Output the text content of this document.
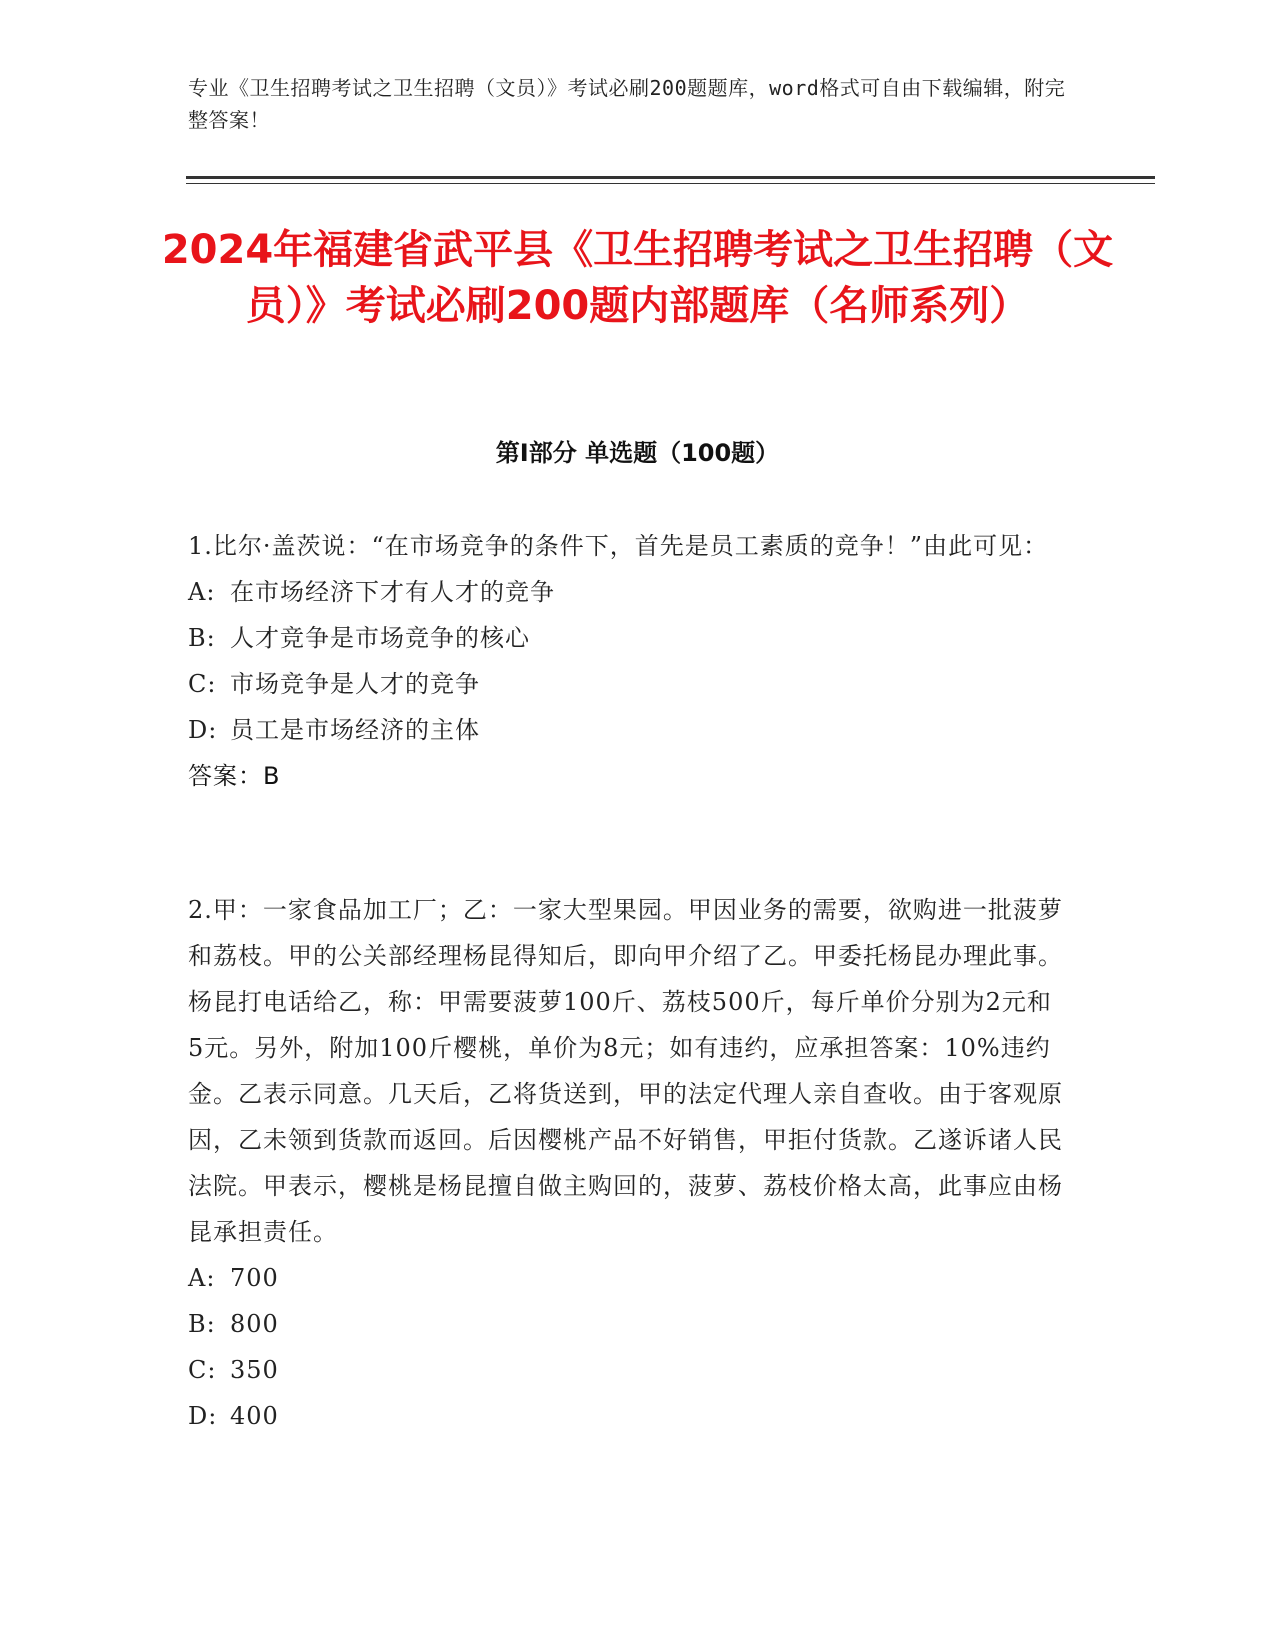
专业《卫生招聘考试之卫生招聘（文员）》考试必刷200题题库，word格式可自由下载编辑，附完整答案！
2024年福建省武平县《卫生招聘考试之卫生招聘（文员）》考试必刷200题内部题库（名师系列）
第Ⅰ部分 单选题（100题）

1.比尔·盖茨说：“在市场竞争的条件下，首先是员工素质的竞争！”由此可见：

A: 在市场经济下才有人才的竞争
B: 人才竞争是市场竞争的核心
C: 市场竞争是人才的竞争
D: 员工是市场经济的主体
答案：B

2.甲：一家食品加工厂；乙：一家大型果园。甲因业务的需要，欲购进一批菠萝和荔枝。甲的公关部经理杨昆得知后，即向甲介绍了乙。甲委托杨昆办理此事。杨昆打电话给乙，称：甲需要菠萝100斤、荔枝500斤，每斤单价分别为2元和5元。另外，附加100斤樱桃，单价为8元；如有违约，应承担答案：10%违约金。乙表示同意。几天后，乙将货送到，甲的法定代理人亲自查收。由于客观原因，乙未领到货款而返回。后因樱桃产品不好销售，甲拒付货款。乙遂诉诸人民法院。甲表示，樱桃是杨昆擅自做主购回的，菠萝、荔枝价格太高，此事应由杨昆承担责任。

A: 700
B: 800
C: 350
D: 400
